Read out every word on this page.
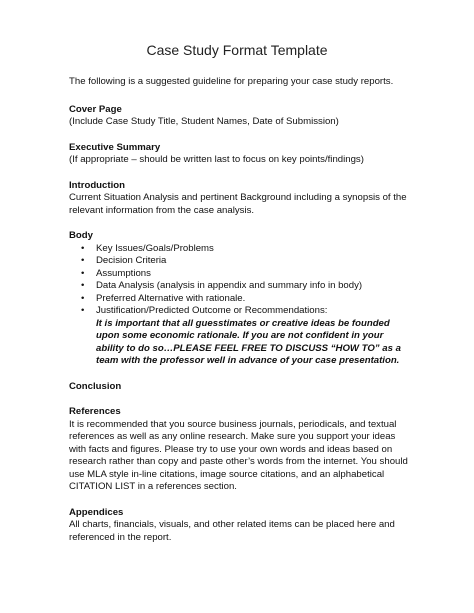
Case Study Format Template

The following is a suggested guideline for preparing your case study reports.

Cover Page

(Include Case Study Title, Student Names, Date of Submission)

Executive Summary

(If appropriate – should be written last to focus on key points/findings)

Introduction

Current Situation Analysis and pertinent Background including a synopsis of the relevant information from the case analysis.

Body

• Key Issues/Goals/Problems
• Decision Criteria
• Assumptions
• Data Analysis (analysis in appendix and summary info in body)
• Preferred Alternative with rationale.
• Justification/Predicted Outcome or Recommendations:

It is important that all guesstimates or creative ideas be founded upon some economic rationale. If you are not confident in your ability to do so…PLEASE FEEL FREE TO DISCUSS “HOW TO” as a team with the professor well in advance of your case presentation.

Conclusion

References

It is recommended that you source business journals, periodicals, and textual references as well as any online research. Make sure you support your ideas with facts and figures. Please try to use your own words and ideas based on research rather than copy and paste other’s words from the internet. You should use MLA style in-line citations, image source citations, and an alphabetical CITATION LIST in a references section.

Appendices

All charts, financials, visuals, and other related items can be placed here and referenced in the report.
